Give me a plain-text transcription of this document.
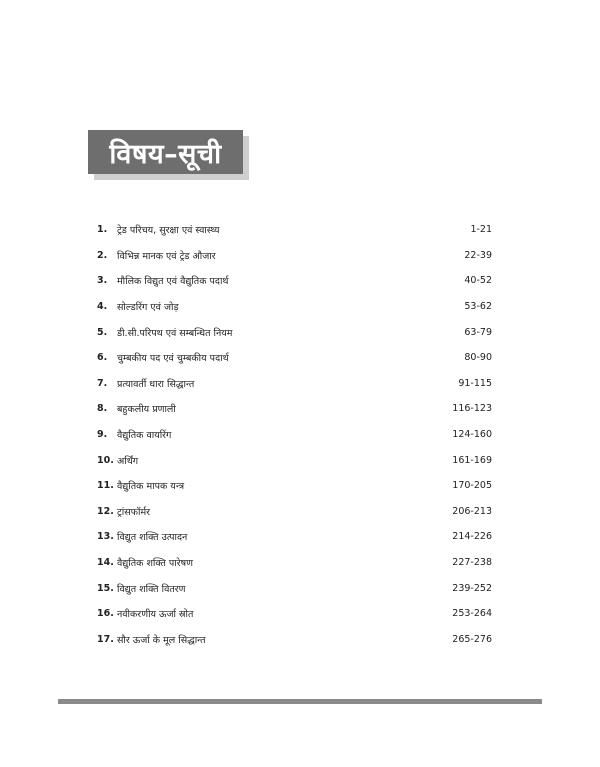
विषय–सूची
1.	ट्रेड परिचय, सुरक्षा एवं स्वास्थ्य	1-21
2.	विभिन्न मानक एवं ट्रेड औजार	22-39
3.	मौलिक विद्युत एवं वैद्युतिक पदार्थ	40-52
4.	सोल्डरिंग एवं जोड़	53-62
5.	डी.सी.परिपथ एवं सम्बन्धित नियम	63-79
6.	चुम्बकीय पद एवं चुम्बकीय पदार्थ	80-90
7.	प्रत्यावर्ती धारा सिद्धान्त	91-115
8.	बहुकलीय प्रणाली	116-123
9.	वैद्युतिक वायरिंग	124-160
10. अर्थिंग	161-169
11. वैद्युतिक मापक यन्त्र	170-205
12. ट्रांसफॉर्मर	206-213
13. विद्युत शक्ति उत्पादन	214-226
14. वैद्युतिक शक्ति पारेषण	227-238
15. विद्युत शक्ति वितरण	239-252
16. नवीकरणीय ऊर्जा स्रोत	253-264
17. सौर ऊर्जा के मूल सिद्धान्त	265-276
